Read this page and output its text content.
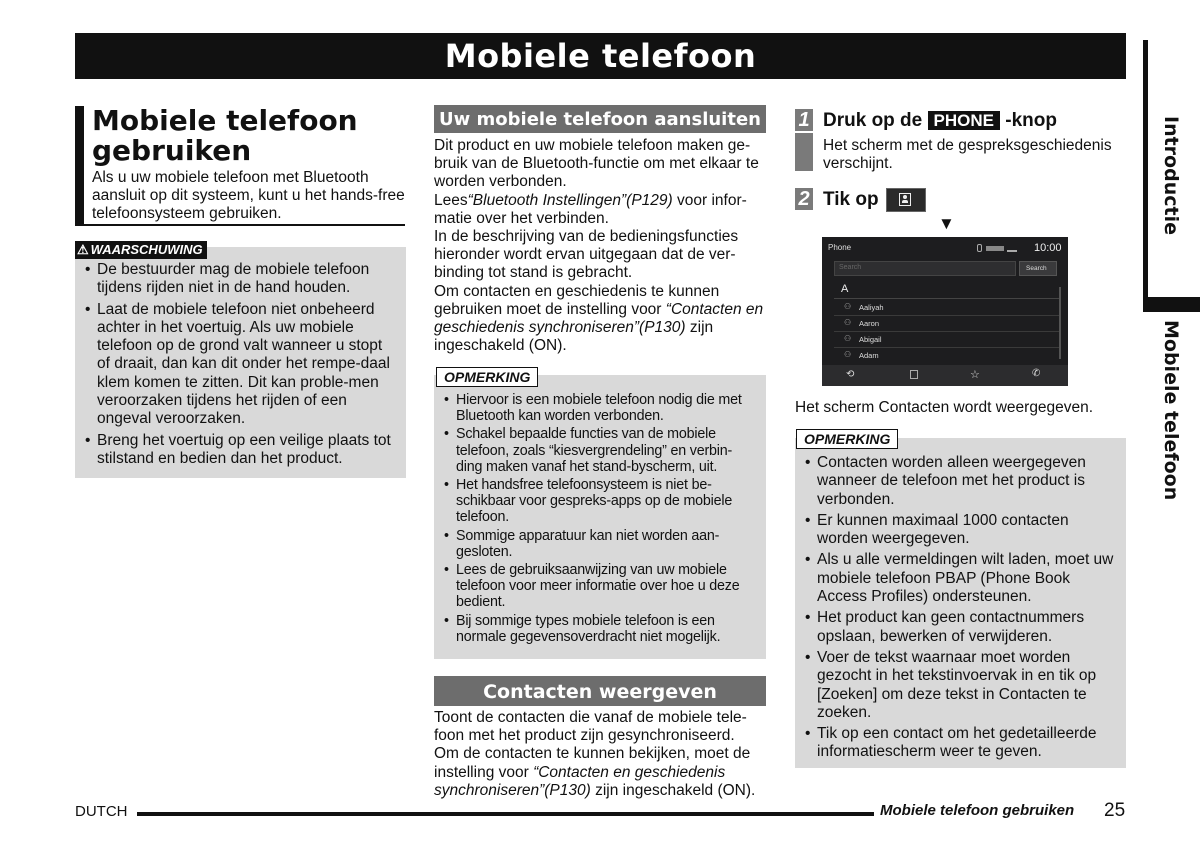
Mobiele telefoon
Introductie
Mobiele telefoon
Mobiele telefoon
gebruiken

Als u uw mobiele telefoon met Bluetooth aansluit op dit systeem, kunt u het hands-free telefoonsysteem gebruiken.

• De bestuurder mag de mobiele telefoon tijdens rijden niet in de hand houden.
• Laat de mobiele telefoon niet onbeheerd achter in het voertuig. Als uw mobiele telefoon op de grond valt wanneer u stopt of draait, dan kan dit onder het rempe-daal klem komen te zitten. Dit kan proble-men veroorzaken tijdens het rijden of een ongeval veroorzaken.
• Breng het voertuig op een veilige plaats tot stilstand en bedien dan het product.
⚠ WAARSCHUWING
Uw mobiele telefoon aansluiten
Dit product en uw mobiele telefoon maken ge-bruik van de Bluetooth-functie om met elkaar te worden verbonden.
Lees“Bluetooth Instellingen”(P129) voor infor-matie over het verbinden.
In de beschrijving van de bedieningsfuncties hieronder wordt ervan uitgegaan dat de ver-binding tot stand is gebracht.
Om contacten en geschiedenis te kunnen gebruiken moet de instelling voor “Contacten en geschiedenis synchroniseren”(P130) zijn ingeschakeld (ON).
• Hiervoor is een mobiele telefoon nodig die met Bluetooth kan worden verbonden.
• Schakel bepaalde functies van de mobiele telefoon, zoals “kiesvergrendeling” en verbin-ding maken vanaf het stand-byscherm, uit.
• Het handsfree telefoonsysteem is niet be-schikbaar voor gespreks-apps op de mobiele telefoon.
• Sommige apparatuur kan niet worden aan-gesloten.
• Lees de gebruiksaanwijzing van uw mobiele telefoon voor meer informatie over hoe u deze bedient.
• Bij sommige types mobiele telefoon is een normale gegevensoverdracht niet mogelijk.
OPMERKING
Contacten weergeven
Toont de contacten die vanaf de mobiele tele-foon met het product zijn gesynchroniseerd.
Om de contacten te kunnen bekijken, moet de instelling voor “Contacten en geschiedenis synchroniseren”(P130) zijn ingeschakeld (ON).
1 Druk op de PHONE -knop
Het scherm met de gespreksgeschiedenis verschijnt.
2 Tik op
▼
Phone	10:00
Search	Search
A
⚇ Aaliyah
⚇ Aaron
⚇ Abigail
⚇ Adam
⟲	☆	✆
Het scherm Contacten wordt weergegeven.
• Contacten worden alleen weergegeven wanneer de telefoon met het product is verbonden.
• Er kunnen maximaal 1000 contacten worden weergegeven.
• Als u alle vermeldingen wilt laden, moet uw mobiele telefoon PBAP (Phone Book Access Profiles) ondersteunen.
• Het product kan geen contactnummers opslaan, bewerken of verwijderen.
• Voer de tekst waarnaar moet worden gezocht in het tekstinvoervak in en tik op [Zoeken] om deze tekst in Contacten te zoeken.
• Tik op een contact om het gedetailleerde informatiescherm weer te geven.
OPMERKING
DUTCH	Mobiele telefoon gebruiken 25
